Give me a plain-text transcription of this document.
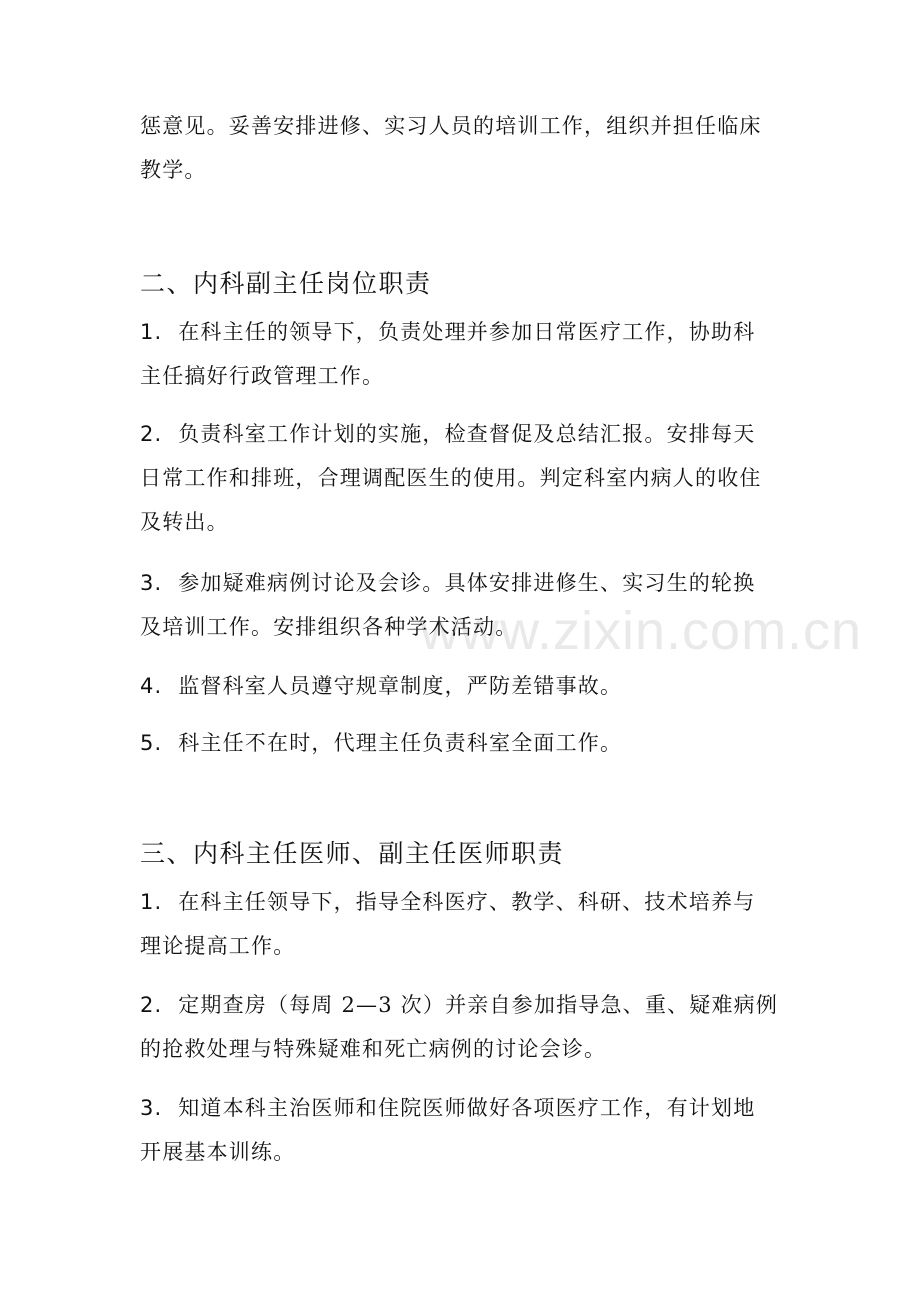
www.zixin.com.cn
惩意见。妥善安排进修、实习人员的培训工作，组织并担任临床
教学。
二、内科副主任岗位职责
1. 在科主任的领导下，负责处理并参加日常医疗工作，协助科
主任搞好行政管理工作。
2. 负责科室工作计划的实施，检查督促及总结汇报。安排每天
日常工作和排班，合理调配医生的使用。判定科室内病人的收住
及转出。
3. 参加疑难病例讨论及会诊。具体安排进修生、实习生的轮换
及培训工作。安排组织各种学术活动。
4. 监督科室人员遵守规章制度，严防差错事故。
5. 科主任不在时，代理主任负责科室全面工作。
三、内科主任医师、副主任医师职责
1. 在科主任领导下，指导全科医疗、教学、科研、技术培养与
理论提高工作。
2. 定期查房（每周 2—3 次）并亲自参加指导急、重、疑难病例
的抢救处理与特殊疑难和死亡病例的讨论会诊。
3. 知道本科主治医师和住院医师做好各项医疗工作，有计划地
开展基本训练。
